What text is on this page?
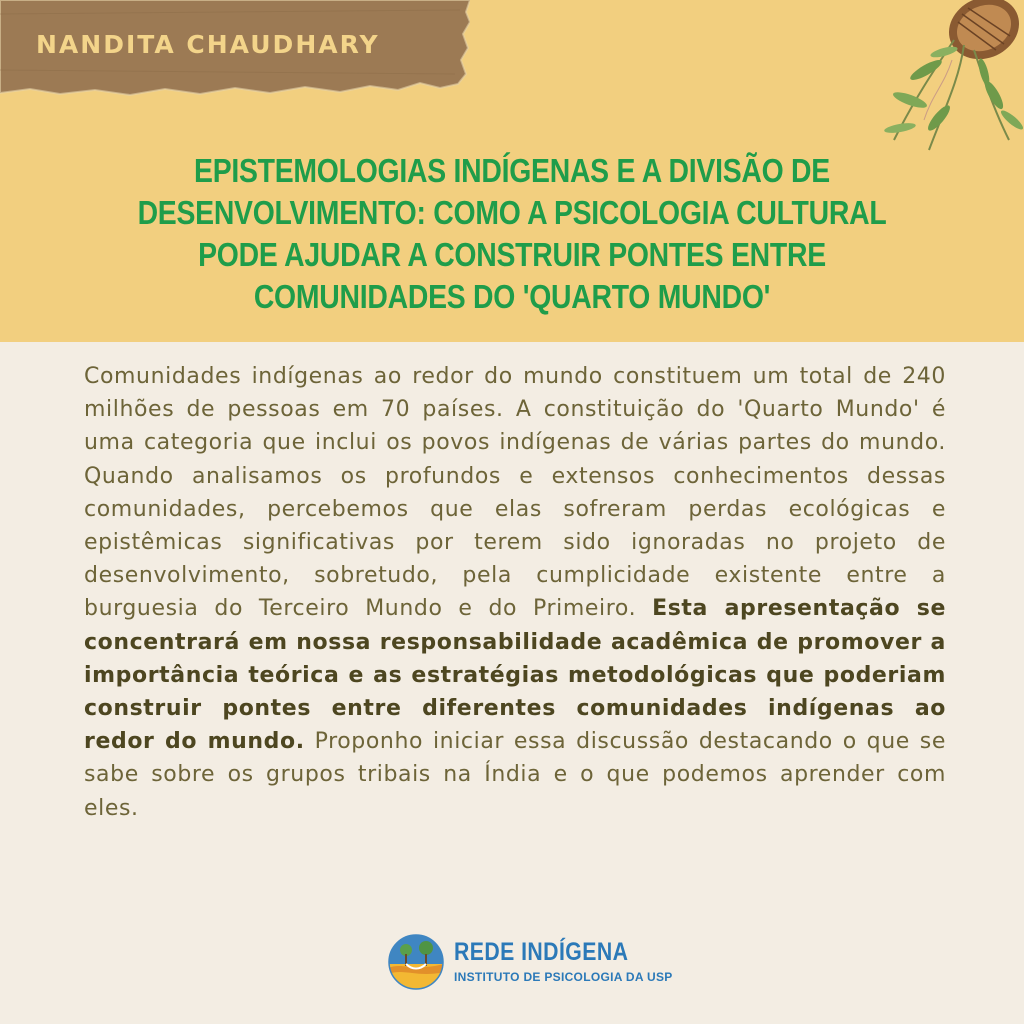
NANDITA CHAUDHARY

EPISTEMOLOGIAS INDÍGENAS E A DIVISÃO DE DESENVOLVIMENTO: COMO A PSICOLOGIA CULTURAL PODE AJUDAR A CONSTRUIR PONTES ENTRE COMUNIDADES DO 'QUARTO MUNDO'

Comunidades indígenas ao redor do mundo constituem um total de 240 milhões de pessoas em 70 países. A constituição do 'Quarto Mundo' é uma categoria que inclui os povos indígenas de várias partes do mundo. Quando analisamos os profundos e extensos conhecimentos dessas comunidades, percebemos que elas sofreram perdas ecológicas e epistêmicas significativas por terem sido ignoradas no projeto de desenvolvimento, sobretudo, pela cumplicidade existente entre a burguesia do Terceiro Mundo e do Primeiro. Esta apresentação se concentrará em nossa responsabilidade acadêmica de promover a importância teórica e as estratégias metodológicas que poderiam construir pontes entre diferentes comunidades indígenas ao redor do mundo. Proponho iniciar essa discussão destacando o que se sabe sobre os grupos tribais na Índia e o que podemos aprender com eles.

REDE INDÍGENA

INSTITUTO DE PSICOLOGIA DA USP
